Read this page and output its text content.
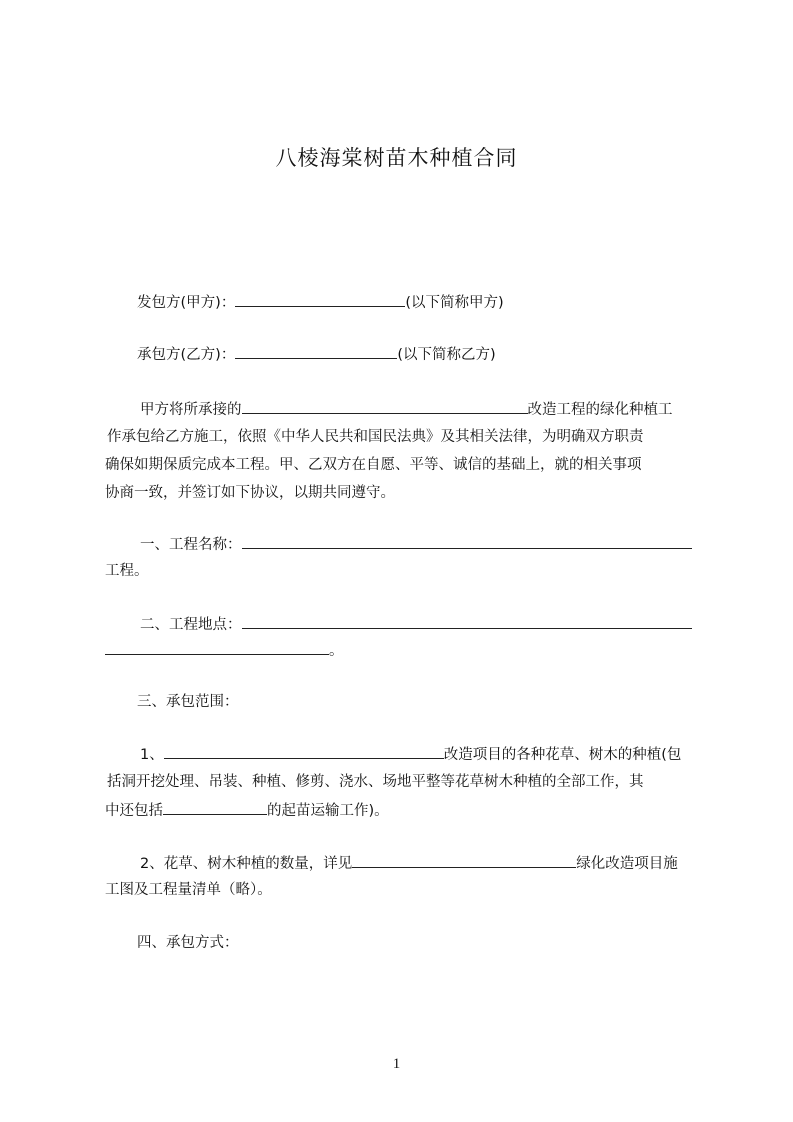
八棱海棠树苗木种植合同
发包方(甲方)：	(以下简称甲方)
承包方(乙方)：	(以下简称乙方)
甲方将所承接的	改造工程的绿化种植工
作承包给乙方施工，依照《中华人民共和国民法典》及其相关法律，为明确双方职责
确保如期保质完成本工程。甲、乙双方在自愿、平等、诚信的基础上，就的相关事项
协商一致，并签订如下协议，以期共同遵守。
一、工程名称：
工程。
二、工程地点：
。
三、承包范围：
1、	改造项目的各种花草、树木的种植(包
括洞开挖处理、吊装、种植、修剪、浇水、场地平整等花草树木种植的全部工作，其
中还包括	的起苗运输工作)。
2、花草、树木种植的数量，详见	绿化改造项目施
工图及工程量清单（略）。
四、承包方式：
1
